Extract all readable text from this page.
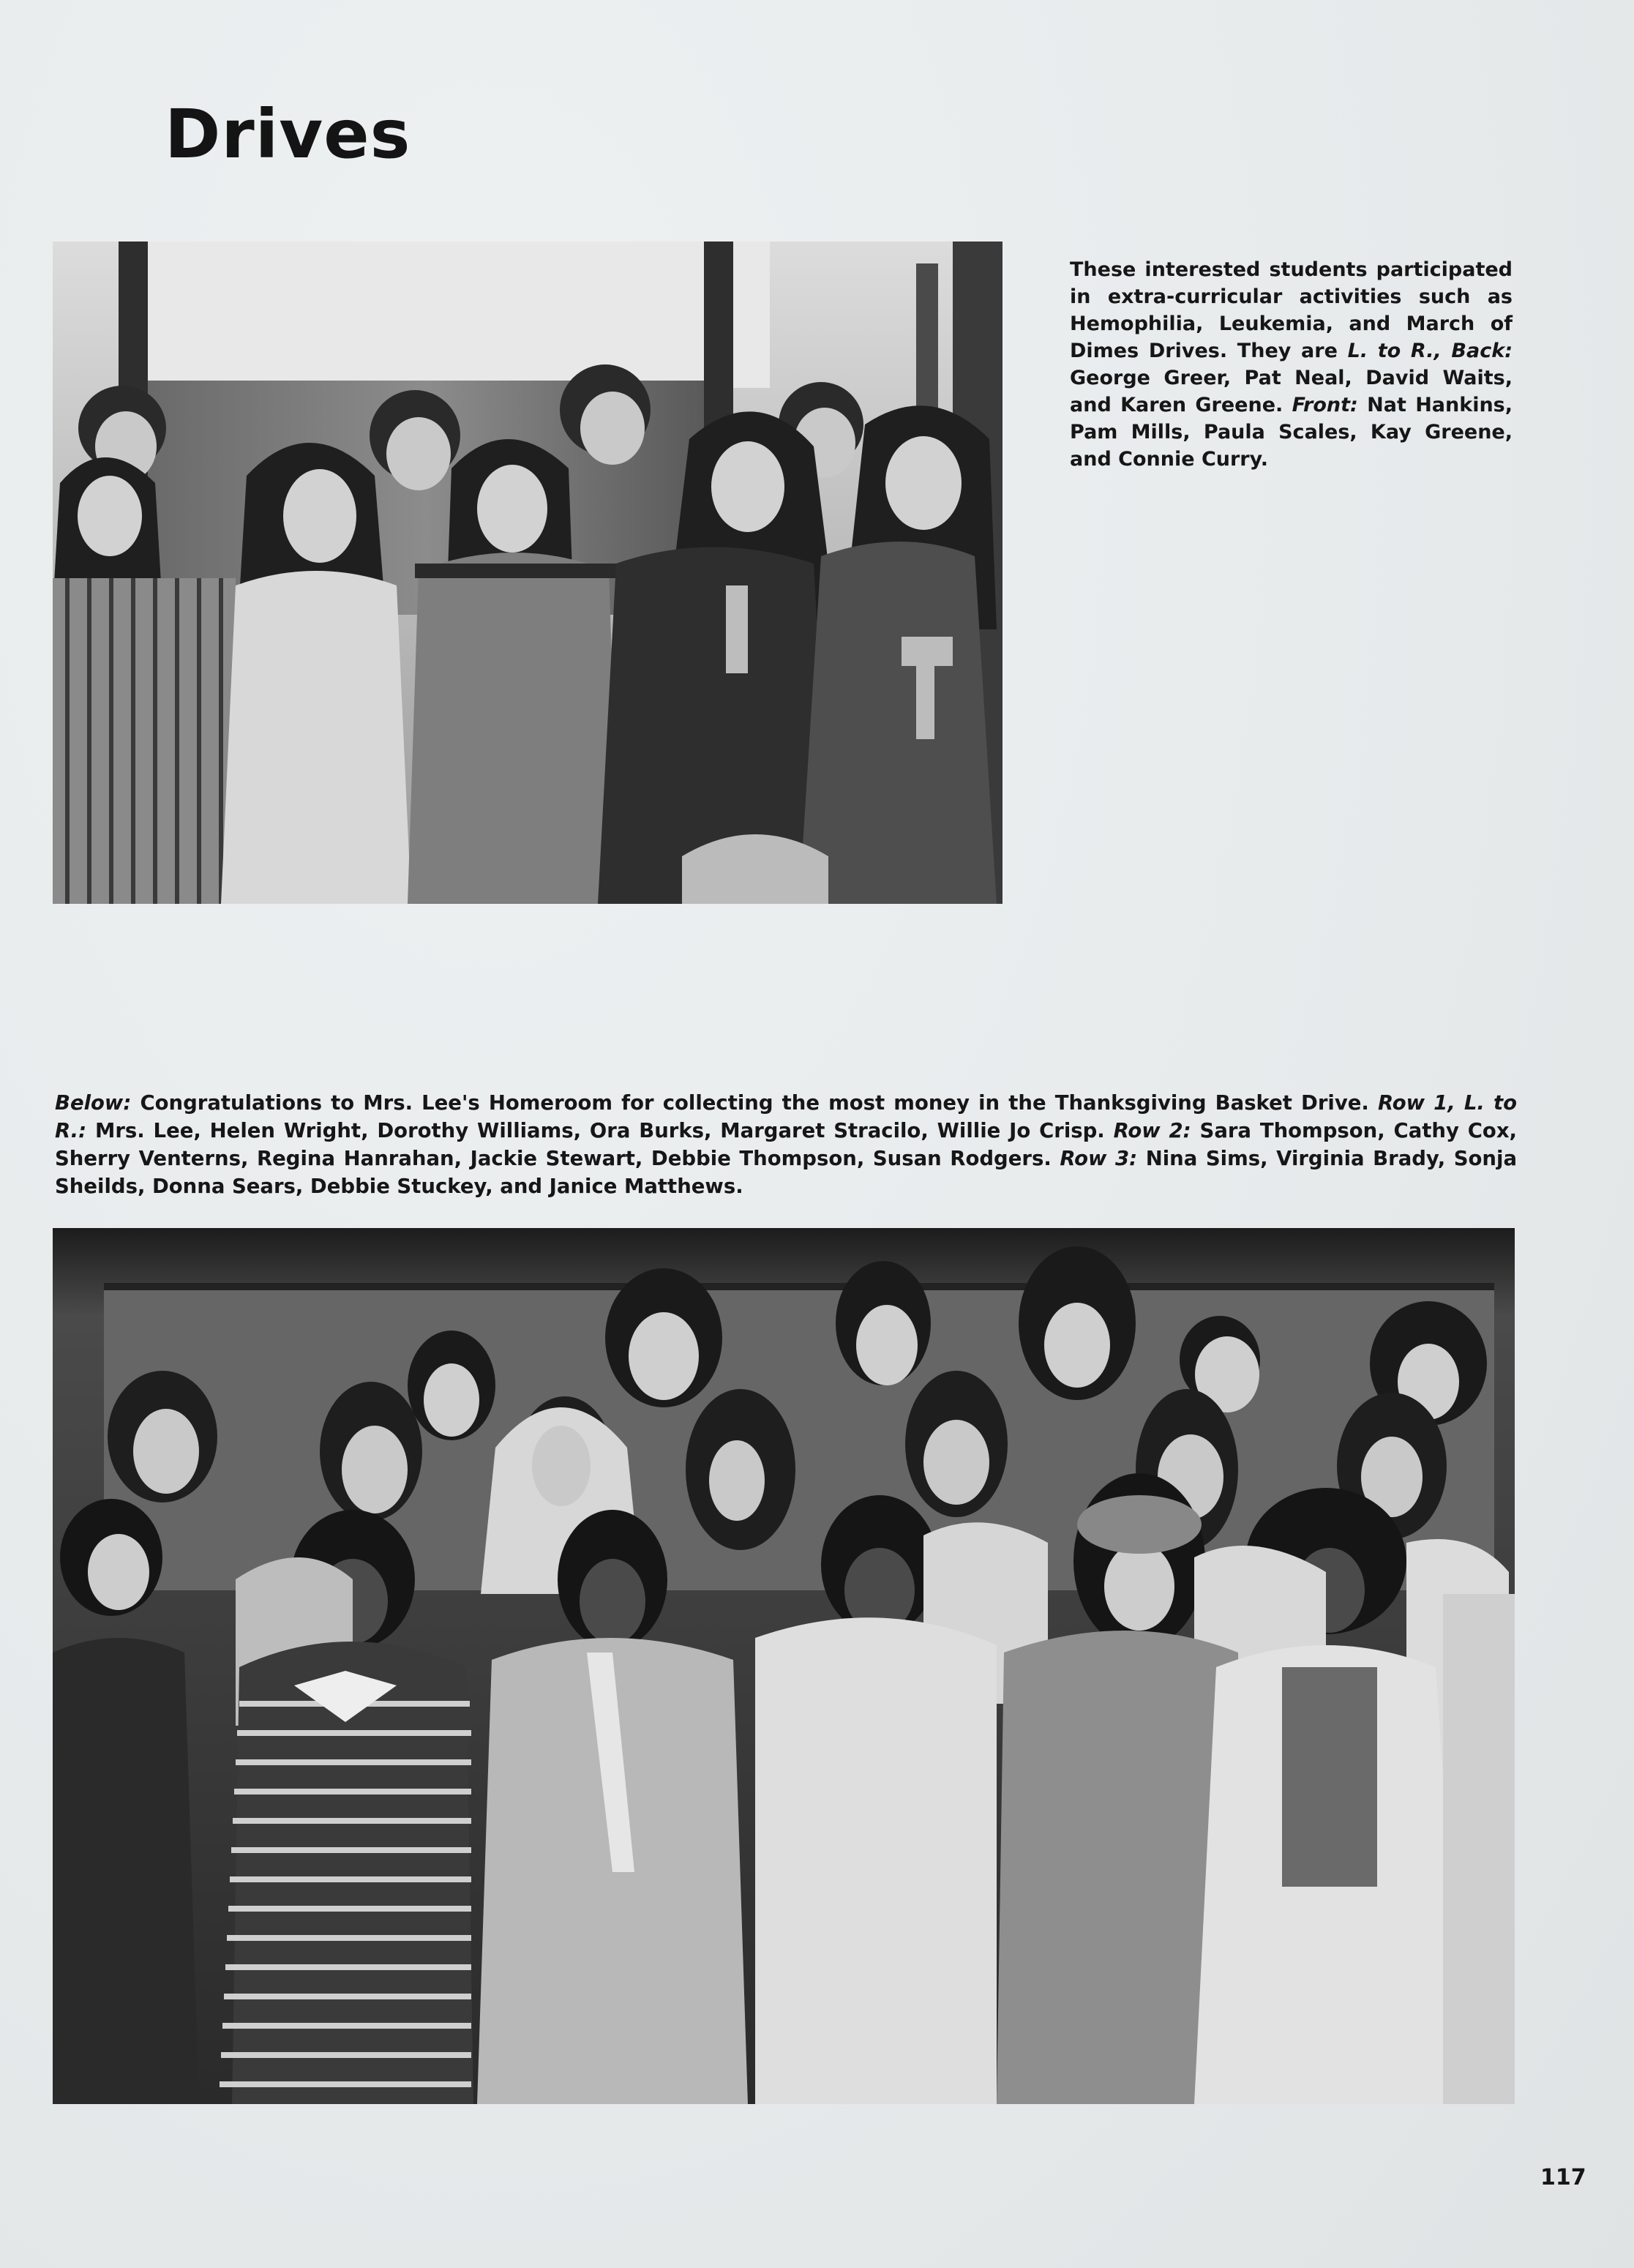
Drives
These interested students participated in extra-curricular activities such as Hemophilia, Leukemia, and March of Dimes Drives. They are L. to R., Back: George Greer, Pat Neal, David Waits, and Karen Greene. Front: Nat Hankins, Pam Mills, Paula Scales, Kay Greene, and Connie Curry.
Below: Congratulations to Mrs. Lee's Homeroom for collecting the most money in the Thanksgiving Basket Drive. Row 1, L. to R.: Mrs. Lee, Helen Wright, Dorothy Williams, Ora Burks, Margaret Stracilo, Willie Jo Crisp. Row 2: Sara Thompson, Cathy Cox, Sherry Venterns, Regina Hanrahan, Jackie Stewart, Debbie Thompson, Susan Rodgers. Row 3: Nina Sims, Virginia Brady, Sonja Sheilds, Donna Sears, Debbie Stuckey, and Janice Matthews.
117
